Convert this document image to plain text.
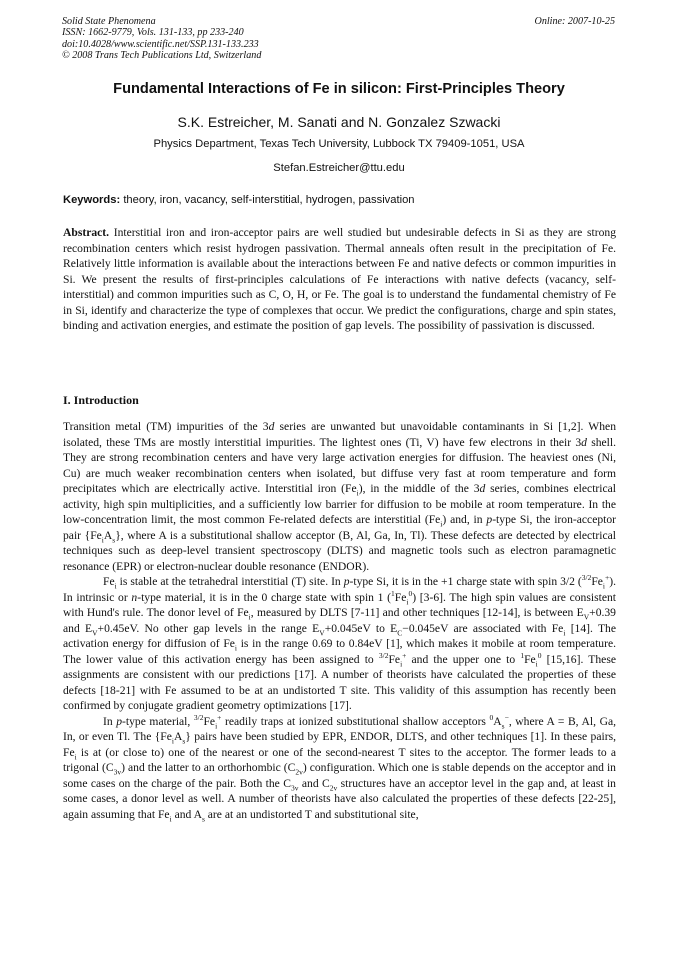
Solid State Phenomena
ISSN: 1662-9779, Vols. 131-133, pp 233-240
doi:10.4028/www.scientific.net/SSP.131-133.233
© 2008 Trans Tech Publications Ltd, Switzerland
Online: 2007-10-25
Fundamental Interactions of Fe in silicon: First-Principles Theory
S.K. Estreicher, M. Sanati and N. Gonzalez Szwacki
Physics Department, Texas Tech University, Lubbock TX 79409-1051, USA
Stefan.Estreicher@ttu.edu
Keywords: theory, iron, vacancy, self-interstitial, hydrogen, passivation
Abstract. Interstitial iron and iron-acceptor pairs are well studied but undesirable defects in Si as they are strong recombination centers which resist hydrogen passivation. Thermal anneals often result in the precipitation of Fe. Relatively little information is available about the interactions between Fe and native defects or common impurities in Si. We present the results of first-principles calculations of Fe interactions with native defects (vacancy, self-interstitial) and common impurities such as C, O, H, or Fe. The goal is to understand the fundamental chemistry of Fe in Si, identify and characterize the type of complexes that occur. We predict the configurations, charge and spin states, binding and activation energies, and estimate the position of gap levels. The possibility of passivation is discussed.
I. Introduction

Transition metal (TM) impurities of the 3d series are unwanted but unavoidable contaminants in Si [1,2]. When isolated, these TMs are mostly interstitial impurities. The lightest ones (Ti, V) have few electrons in their 3d shell. They are strong recombination centers and have very large activation energies for diffusion. The heaviest ones (Ni, Cu) are much weaker recombination centers when isolated, but diffuse very fast at room temperature and form precipitates which are electrically active. Interstitial iron $(Fe_i)$, in the middle of the 3d series, combines electrical activity, high spin multiplicities, and a sufficiently low barrier for diffusion to be mobile at room temperature. In the low-concentration limit, the most common Fe-related defects are interstitial $(Fe_i)$ and, in p-type Si, the iron-acceptor pair $\{Fe_iA_s\}$, where A is a substitutional shallow acceptor (B, Al, Ga, In, Tl). These defects are detected by electrical techniques such as deep-level transient spectroscopy (DLTS) and magnetic tools such as electron paramagnetic resonance (EPR) or electron-nuclear double resonance (ENDOR).

$Fe_i$ is stable at the tetrahedral interstitial (T) site. In p-type Si, it is in the +1 charge state with spin 3/2 $(^{3/2}Fe_i^+)$. In intrinsic or n-type material, it is in the 0 charge state with spin 1 $(^1Fe_i^0)$ [3-6]. The high spin values are consistent with Hund's rule. The donor level of $Fe_i$, measured by DLTS [7-11] and other techniques [12-14], is between $E_V+0.39$ and $E_V+0.45eV$. No other gap levels in the range $E_V+0.045eV$ to $E_C-0.045eV$ are associated with $Fe_i$ [14]. The activation energy for diffusion of $Fe_i$ is in the range 0.69 to 0.84eV [1], which makes it mobile at room temperature. The lower value of this activation energy has been assigned to $^{3/2}Fe_i^+$ and the upper one to $^1Fe_i^0$ [15,16]. These assignments are consistent with our predictions [17]. A number of theorists have calculated the properties of these defects [18-21] with Fe assumed to be at an undistorted T site. This validity of this assumption has recently been confirmed by conjugate gradient geometry optimizations [17].

In p-type material, $^{3/2}Fe_i^+$ readily traps at ionized substitutional shallow acceptors $^0A_s^-$, where A = B, Al, Ga, In, or even Tl. The $\{Fe_iA_s\}$ pairs have been studied by EPR, ENDOR, DLTS, and other techniques [1]. In these pairs, $Fe_i$ is at (or close to) one of the nearest or one of the second-nearest T sites to the acceptor. The former leads to a trigonal $(C_{3v})$ and the latter to an orthorhombic $(C_{2v})$ configuration. Which one is stable depends on the acceptor and in some cases on the charge of the pair. Both the $C_{3v}$ and $C_{2v}$ structures have an acceptor level in the gap and, at least in some cases, a donor level as well. A number of theorists have also calculated the properties of these defects [22-25], again assuming that $Fe_i$ and $A_s$ are at an undistorted T and substitutional site,
